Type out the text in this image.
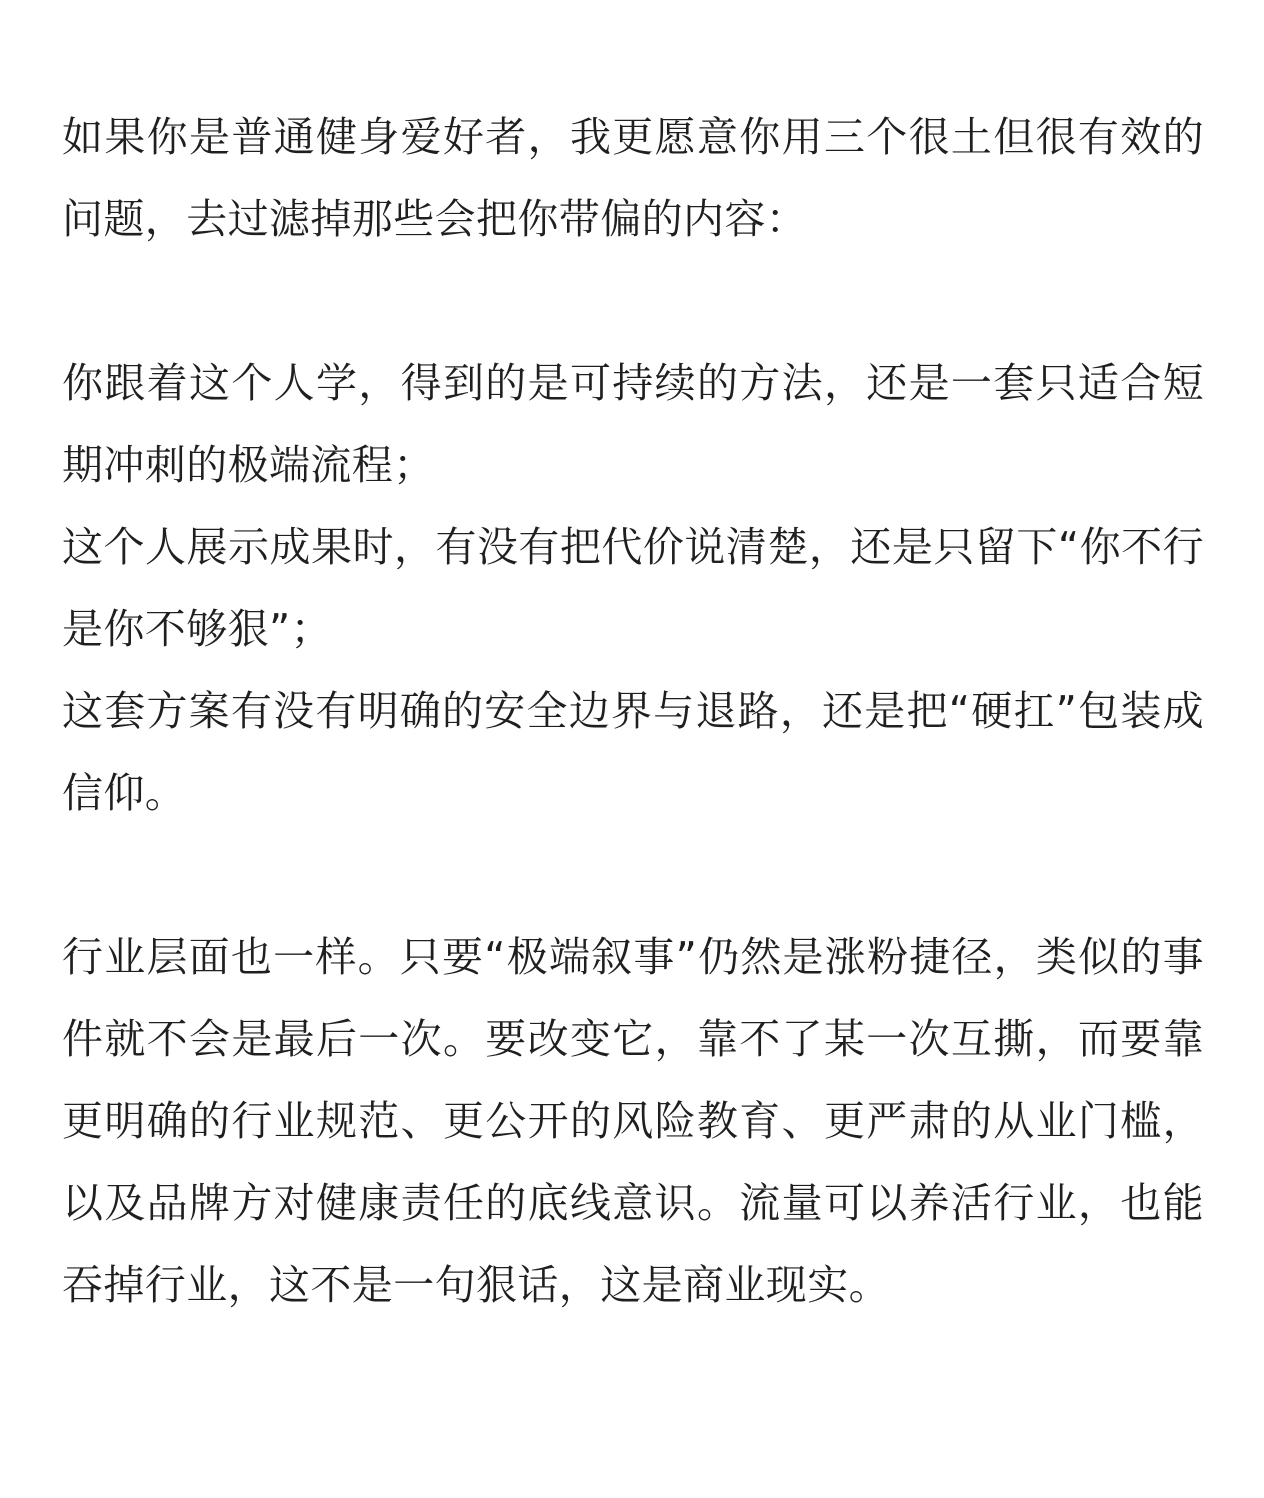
如果你是普通健身爱好者，我更愿意你用三个很土但很有效的问题，去过滤掉那些会把你带偏的内容：

你跟着这个人学，得到的是可持续的方法，还是一套只适合短期冲刺的极端流程；

这个人展示成果时，有没有把代价说清楚，还是只留下“你不行是你不够狠”；

这套方案有没有明确的安全边界与退路，还是把“硬扛”包装成信仰。

行业层面也一样。只要“极端叙事”仍然是涨粉捷径，类似的事件就不会是最后一次。要改变它，靠不了某一次互撕，而要靠更明确的行业规范、更公开的风险教育、更严肃的从业门槛，以及品牌方对健康责任的底线意识。流量可以养活行业，也能吞掉行业，这不是一句狠话，这是商业现实。
